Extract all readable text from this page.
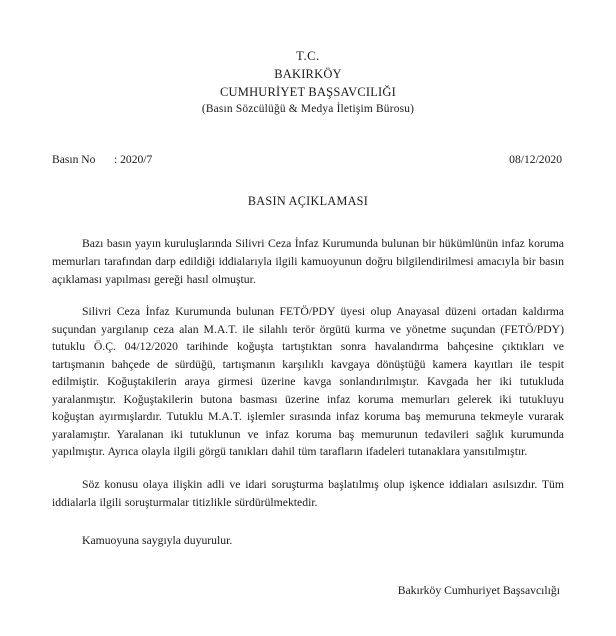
T.C.
BAKIRKÖY
CUMHURİYET BAŞSAVCILIĞI
(Basın Sözcülüğü & Medya İletişim Bürosu)
Basın No	: 2020/7	08/12/2020
BASIN AÇIKLAMASI

Bazı basın yayın kuruluşlarında Silivri Ceza İnfaz Kurumunda bulunan bir hükümlünün infaz koruma memurları tarafından darp edildiği iddialarıyla ilgili kamuoyunun doğru bilgilendirilmesi amacıyla bir basın açıklaması yapılması gereği hasıl olmuştur.

Silivri Ceza İnfaz Kurumunda bulunan FETÖ/PDY üyesi olup Anayasal düzeni ortadan kaldırma suçundan yargılanıp ceza alan M.A.T. ile silahlı terör örgütü kurma ve yönetme suçundan (FETÖ/PDY) tutuklu Ö.Ç. 04/12/2020 tarihinde koğuşta tartıştıktan sonra havalandırma bahçesine çıktıkları ve tartışmanın bahçede de sürdüğü, tartışmanın karşılıklı kavgaya dönüştüğü kamera kayıtları ile tespit edilmiştir. Koğuştakilerin araya girmesi üzerine kavga sonlandırılmıştır. Kavgada her iki tutukluda yaralanmıştır. Koğuştakilerin butona basması üzerine infaz koruma memurları gelerek iki tutukluyu koğuştan ayırmışlardır. Tutuklu M.A.T. işlemler sırasında infaz koruma baş memuruna tekmeyle vurarak yaralamıştır. Yaralanan iki tutuklunun ve infaz koruma baş memurunun tedavileri sağlık kurumunda yapılmıştır. Ayrıca olayla ilgili görgü tanıkları dahil tüm tarafların ifadeleri tutanaklara yansıtılmıştır.

Söz konusu olaya ilişkin adli ve idari soruşturma başlatılmış olup işkence iddiaları asılsızdır. Tüm iddialarla ilgili soruşturmalar titizlikle sürdürülmektedir.

Kamuoyuna saygıyla duyurulur.
Bakırköy Cumhuriyet Başsavcılığı
